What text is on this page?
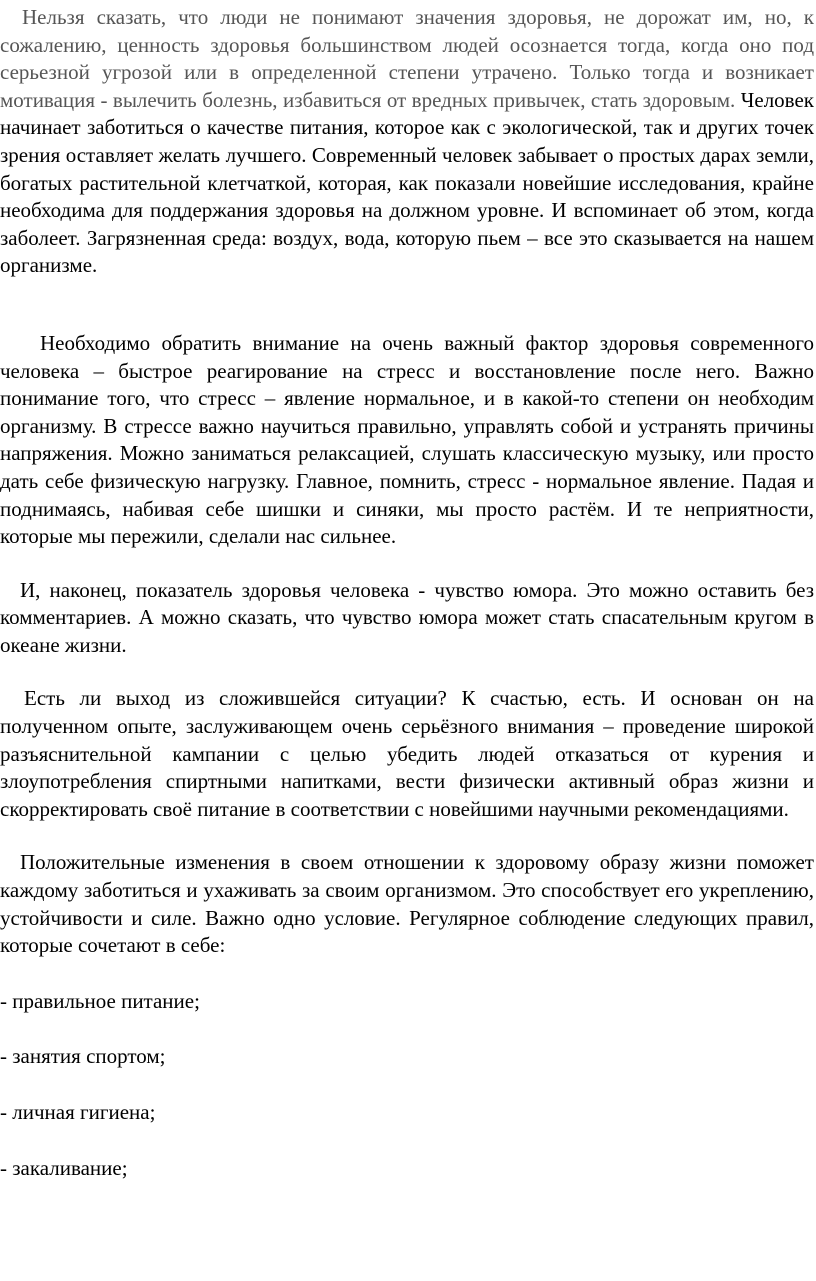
Нельзя сказать, что люди не понимают значения здоровья, не дорожат им, но, к сожалению, ценность здоровья большинством людей осознается тогда, когда оно под серьезной угрозой или в определенной степени утрачено. Только тогда и возникает мотивация - вылечить болезнь, избавиться от вредных привычек, стать здоровым. Человек начинает заботиться о качестве питания, которое как с экологической, так и других точек зрения оставляет желать лучшего. Современный человек забывает о простых дарах земли, богатых растительной клетчаткой, которая, как показали новейшие исследования, крайне необходима для поддержания здоровья на должном уровне. И вспоминает об этом, когда заболеет. Загрязненная среда: воздух, вода, которую пьем – все это сказывается на нашем организме.

Необходимо обратить внимание на очень важный фактор здоровья современного человека – быстрое реагирование на стресс и восстановление после него. Важно понимание того, что стресс – явление нормальное, и в какой-то степени он необходим организму. В стрессе важно научиться правильно, управлять собой и устранять причины напряжения. Можно заниматься релаксацией, слушать классическую музыку, или просто дать себе физическую нагрузку. Главное, помнить, стресс - нормальное явление. Падая и поднимаясь, набивая себе шишки и синяки, мы просто растём. И те неприятности, которые мы пережили, сделали нас сильнее.

И, наконец, показатель здоровья человека - чувство юмора. Это можно оставить без комментариев. А можно сказать, что чувство юмора может стать спасательным кругом в океане жизни.

Есть ли выход из сложившейся ситуации? К счастью, есть. И основан он на полученном опыте, заслуживающем очень серьёзного внимания – проведение широкой разъяснительной кампании с целью убедить людей отказаться от курения и злоупотребления спиртными напитками, вести физически активный образ жизни и скорректировать своё питание в соответствии с новейшими научными рекомендациями.

Положительные изменения в своем отношении к здоровому образу жизни поможет каждому заботиться и ухаживать за своим организмом. Это способствует его укреплению, устойчивости и силе. Важно одно условие. Регулярное соблюдение следующих правил, которые сочетают в себе:

- правильное питание;

- занятия спортом;

- личная гигиена;

- закаливание;
